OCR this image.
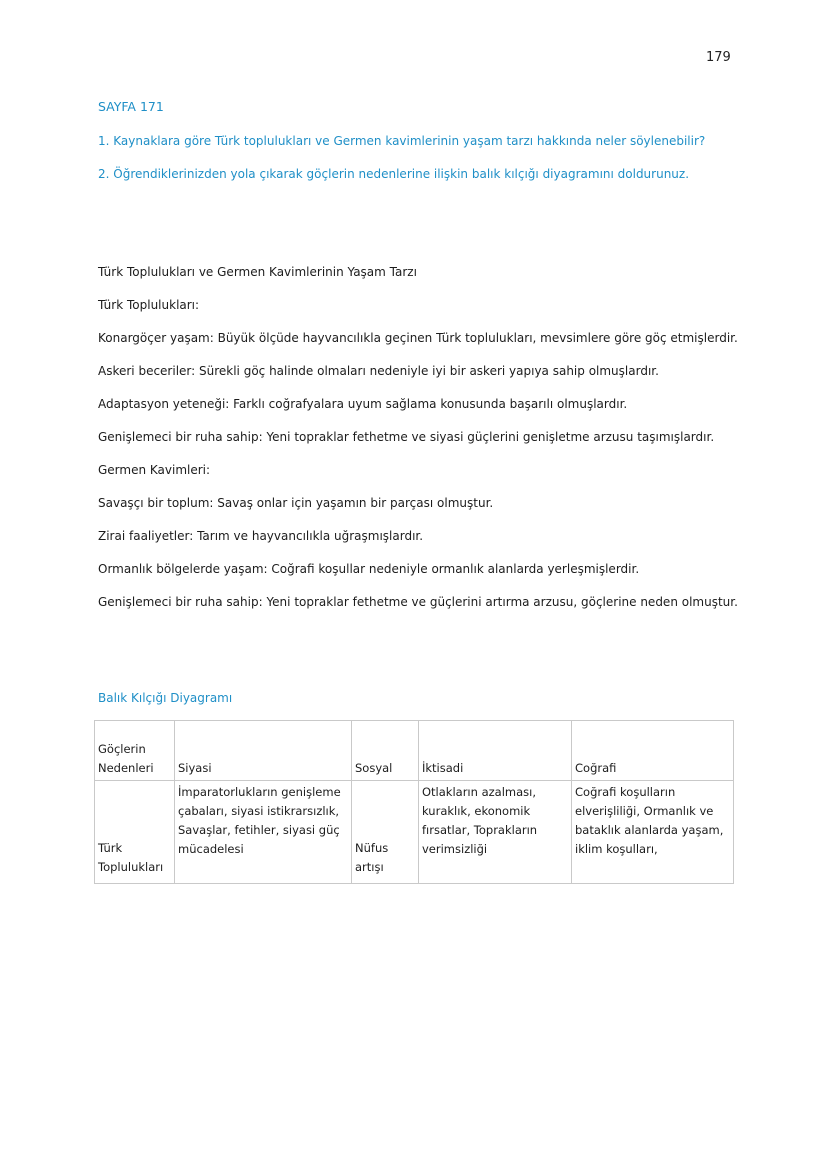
179
SAYFA 171
1. Kaynaklara göre Türk toplulukları ve Germen kavimlerinin yaşam tarzı hakkında neler söylenebilir?
2. Öğrendiklerinizden yola çıkarak göçlerin nedenlerine ilişkin balık kılçığı diyagramını doldurunuz.
Türk Toplulukları ve Germen Kavimlerinin Yaşam Tarzı
Türk Toplulukları:
Konargöçer yaşam: Büyük ölçüde hayvancılıkla geçinen Türk toplulukları, mevsimlere göre göç etmişlerdir.
Askeri beceriler: Sürekli göç halinde olmaları nedeniyle iyi bir askeri yapıya sahip olmuşlardır.
Adaptasyon yeteneği: Farklı coğrafyalara uyum sağlama konusunda başarılı olmuşlardır.
Genişlemeci bir ruha sahip: Yeni topraklar fethetme ve siyasi güçlerini genişletme arzusu taşımışlardır.
Germen Kavimleri:
Savaşçı bir toplum: Savaş onlar için yaşamın bir parçası olmuştur.
Zirai faaliyetler: Tarım ve hayvancılıkla uğraşmışlardır.
Ormanlık bölgelerde yaşam: Coğrafi koşullar nedeniyle ormanlık alanlarda yerleşmişlerdir.
Genişlemeci bir ruha sahip: Yeni topraklar fethetme ve güçlerini artırma arzusu, göçlerine neden olmuştur.
Balık Kılçığı Diyagramı
Göçlerin Nedenleri	Siyasi	Sosyal	İktisadi	Coğrafi
Türk Toplulukları	İmparatorlukların genişleme çabaları, siyasi istikrarsızlık, Savaşlar, fetihler, siyasi güç mücadelesi	Nüfus artışı	Otlakların azalması, kuraklık, ekonomik fırsatlar, Toprakların verimsizliği	Coğrafi koşulların elverişliliği, Ormanlık ve bataklık alanlarda yaşam, iklim koşulları,
